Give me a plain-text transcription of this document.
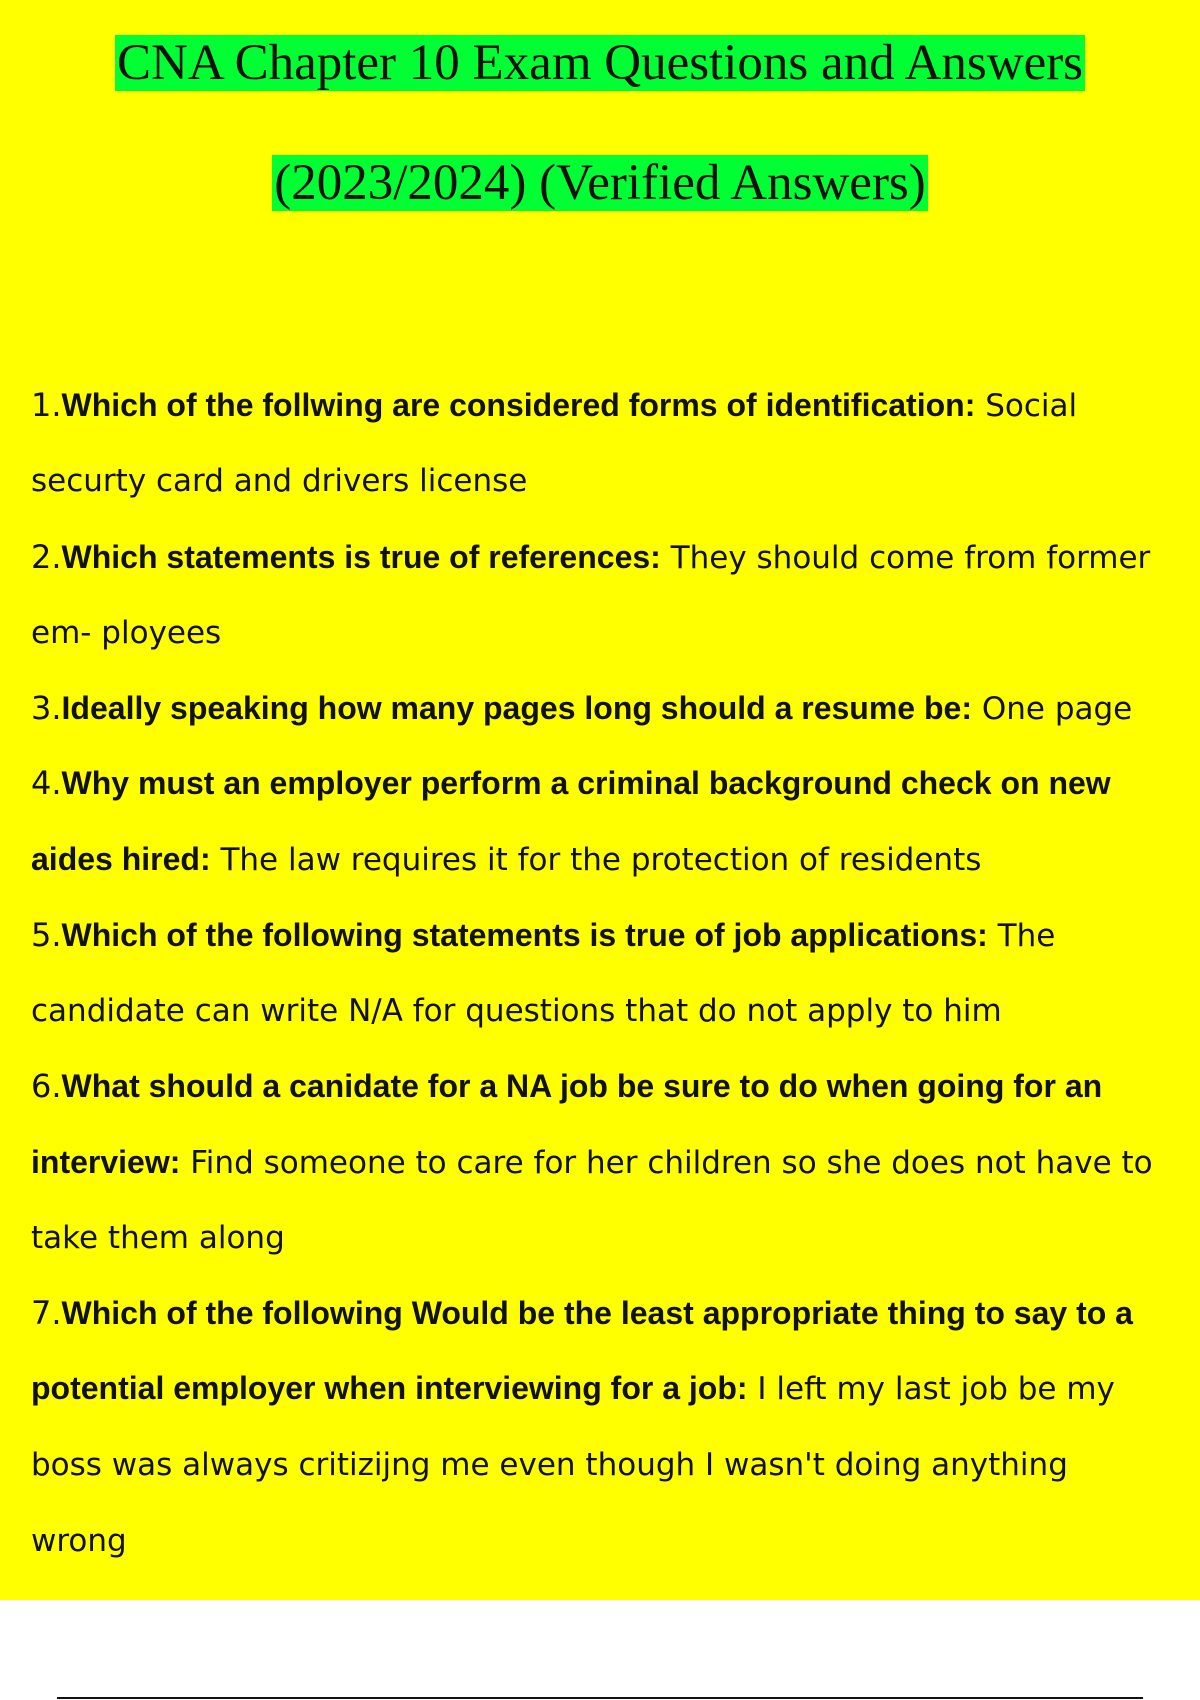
CNA Chapter 10 Exam Questions and Answers
(2023/2024) (Verified Answers)
1.Which of the follwing are considered forms of identification: Social
securty card and drivers license
2.Which statements is true of references: They should come from former
em- ployees
3.Ideally speaking how many pages long should a resume be: One page
4.Why must an employer perform a criminal background check on new
aides hired: The law requires it for the protection of residents
5.Which of the following statements is true of job applications: The
candidate can write N/A for questions that do not apply to him
6.What should a canidate for a NA job be sure to do when going for an
interview: Find someone to care for her children so she does not have to
take them along
7.Which of the following Would be the least appropriate thing to say to a
potential employer when interviewing for a job: I left my last job be my
boss was always critizijng me even though I wasn't doing anything
wrong
